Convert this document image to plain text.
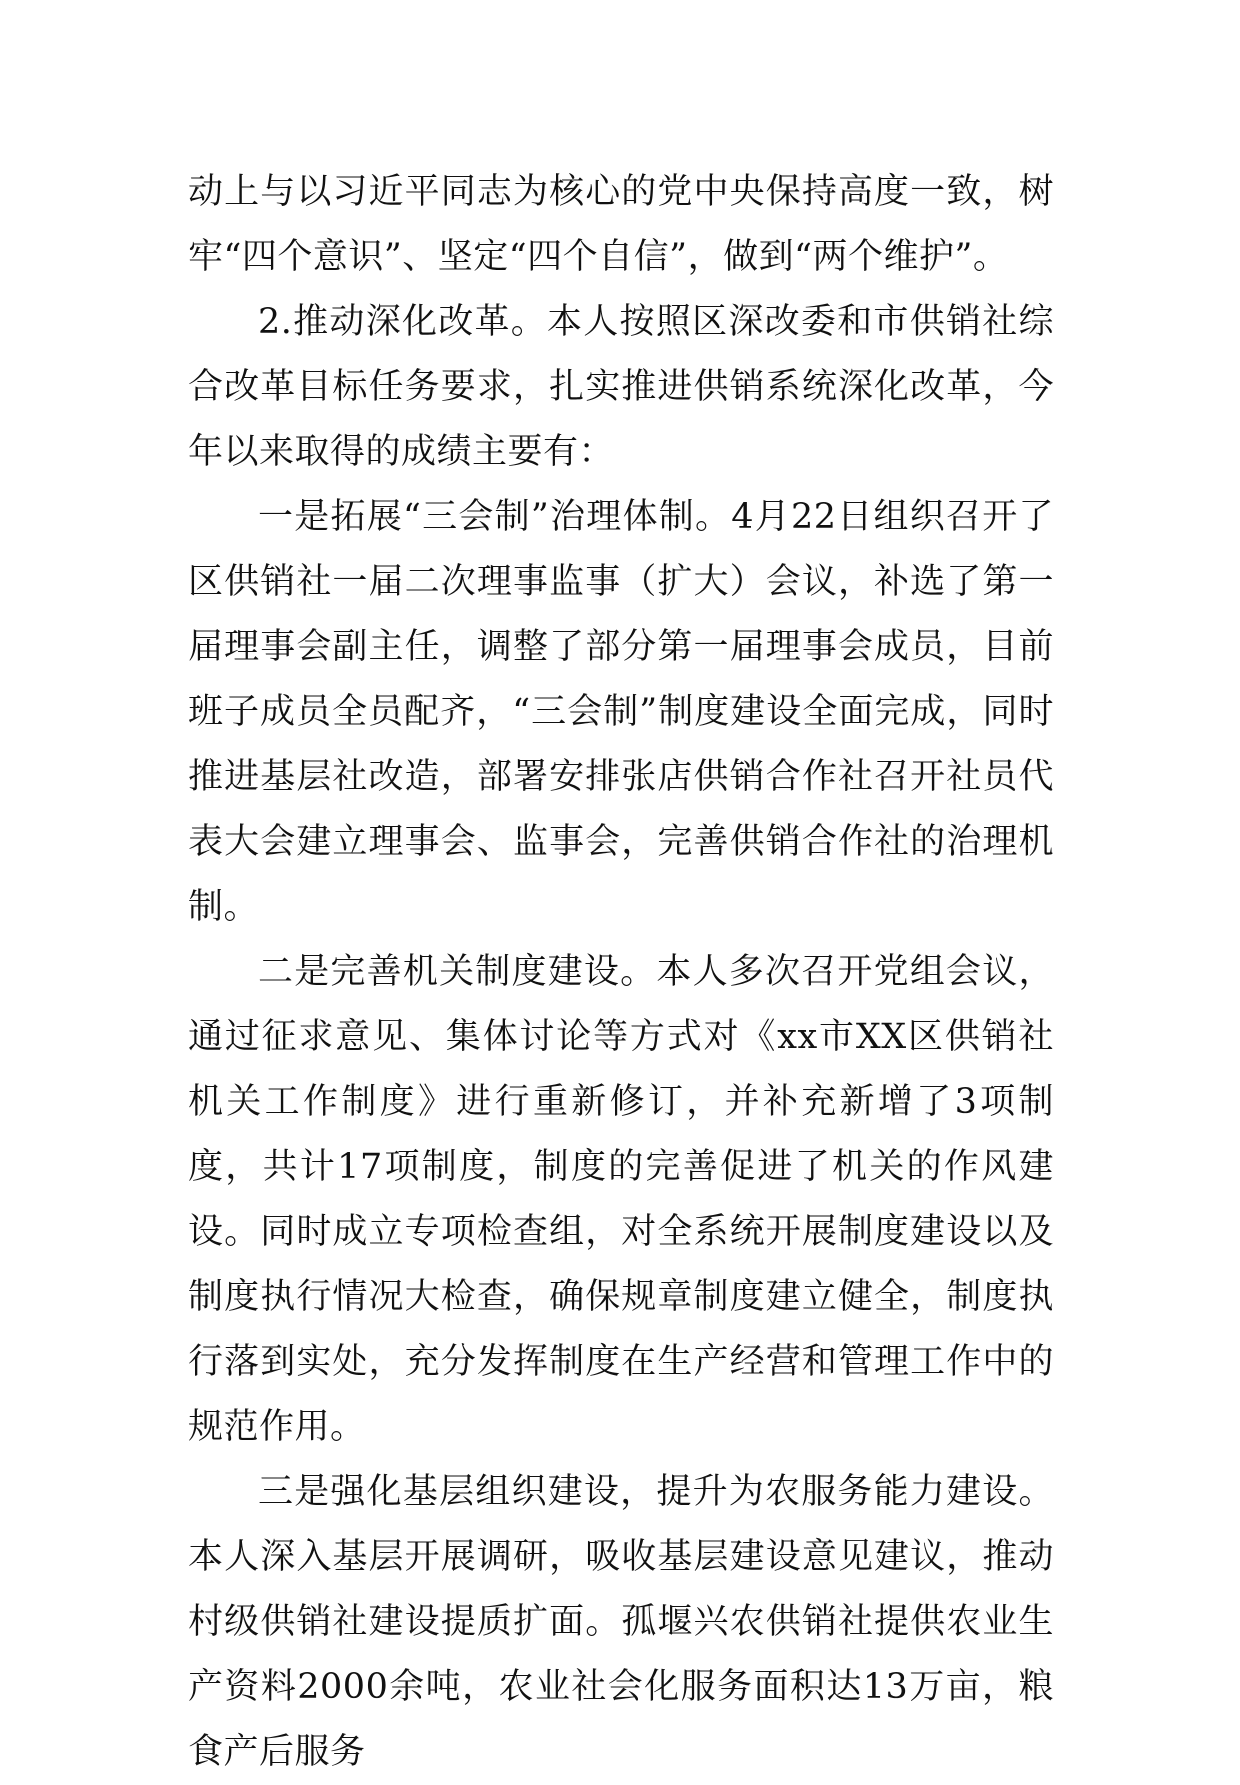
动上与以习近平同志为核心的党中央保持高度一致，树牢“四个意识”、坚定“四个自信”，做到“两个维护”。

2.推动深化改革。本人按照区深改委和市供销社综合改革目标任务要求，扎实推进供销系统深化改革，今年以来取得的成绩主要有：

一是拓展“三会制”治理体制。4月22日组织召开了区供销社一届二次理事监事（扩大）会议，补选了第一届理事会副主任，调整了部分第一届理事会成员，目前班子成员全员配齐，“三会制”制度建设全面完成，同时推进基层社改造，部署安排张店供销合作社召开社员代表大会建立理事会、监事会，完善供销合作社的治理机制。

二是完善机关制度建设。本人多次召开党组会议，通过征求意见、集体讨论等方式对《xx市XX区供销社机关工作制度》进行重新修订，并补充新增了3项制度，共计17项制度，制度的完善促进了机关的作风建设。同时成立专项检查组，对全系统开展制度建设以及制度执行情况大检查，确保规章制度建立健全，制度执行落到实处，充分发挥制度在生产经营和管理工作中的规范作用。

三是强化基层组织建设，提升为农服务能力建设。本人深入基层开展调研，吸收基层建设意见建议，推动村级供销社建设提质扩面。孤堰兴农供销社提供农业生产资料2000余吨，农业社会化服务面积达13万亩，粮食产后服务
